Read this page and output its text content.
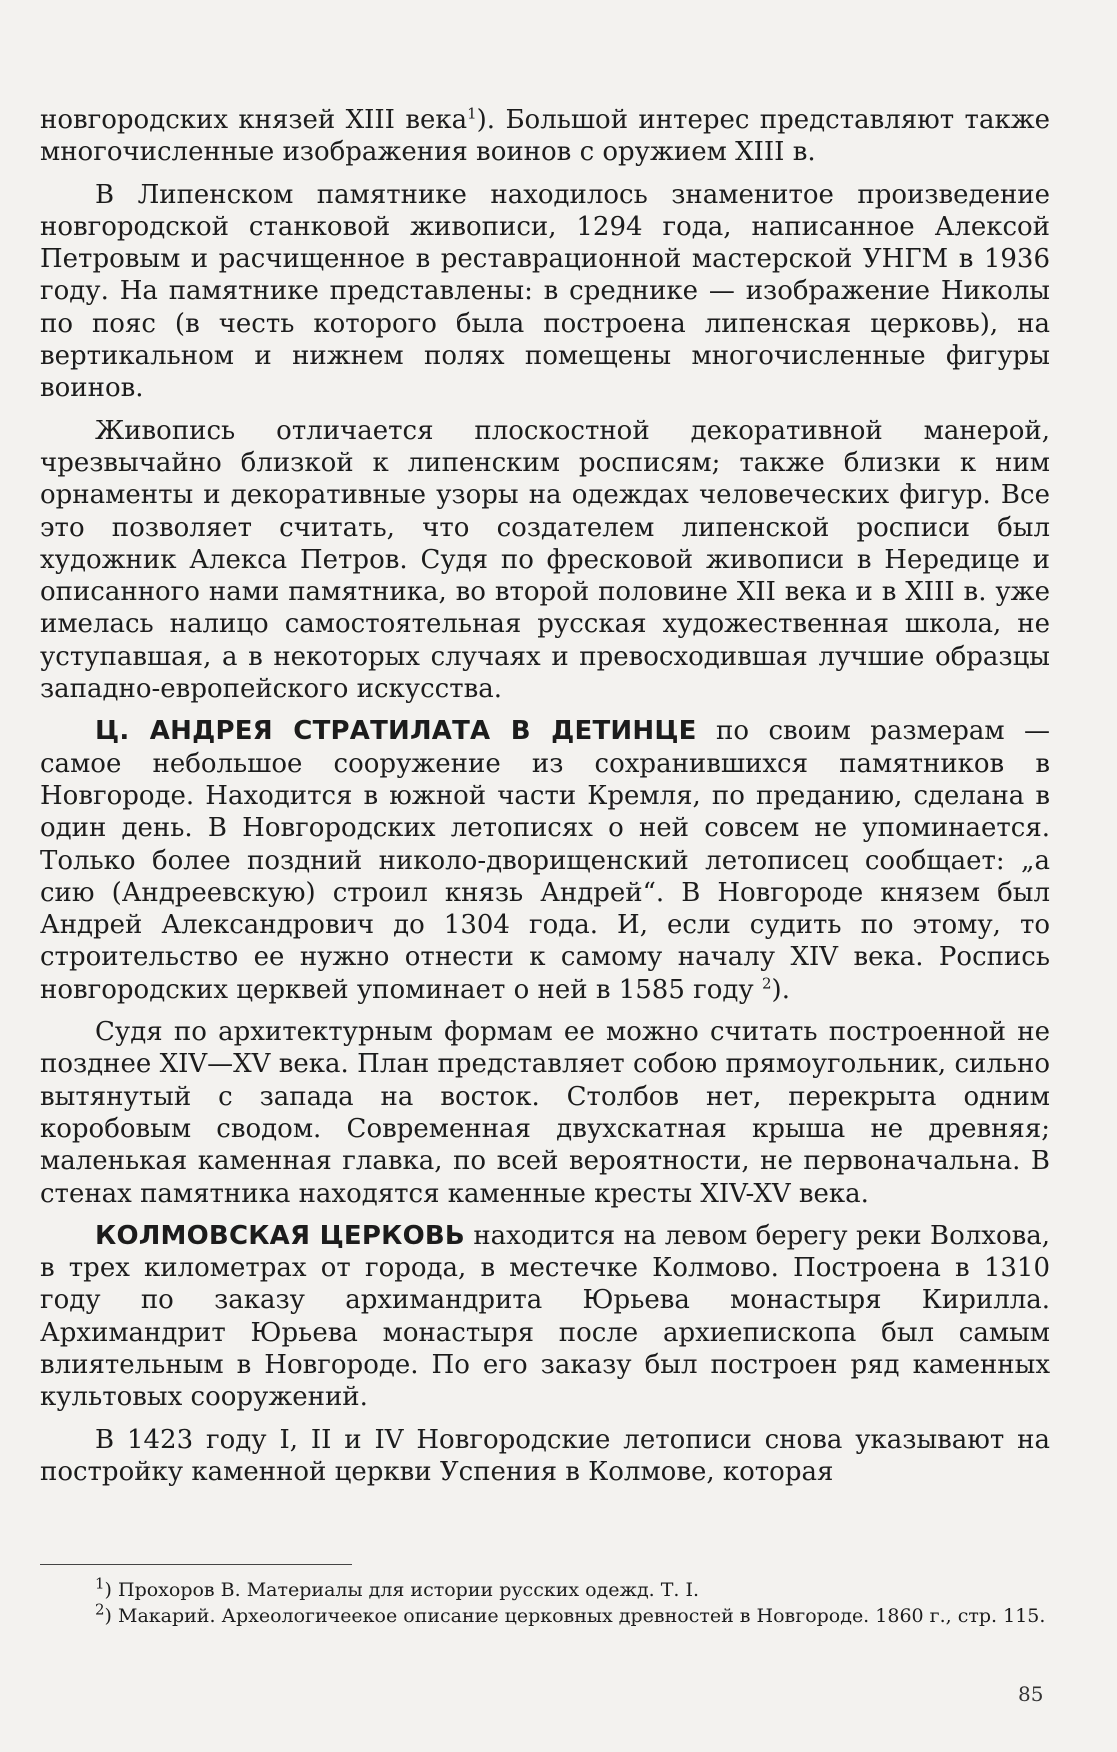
новгородских князей XIII века$^1$). Большой интерес представляют также многочисленные изображения воинов с оружием XIII в.

В Липенском памятнике находилось знаменитое произведение новгородской станковой живописи, 1294 года, написанное Алексой Петровым и расчищенное в реставрационной мастерской УНГМ в 1936 году. На памятнике представлены: в среднике — изображение Николы по пояс (в честь которого была построена липенская церковь), на вертикальном и нижнем полях помещены многочисленные фигуры воинов.

Живопись отличается плоскостной декоративной манерой, чрезвычайно близкой к липенским росписям; также близки к ним орнаменты и декоративные узоры на одеждах человеческих фигур. Все это позволяет считать, что создателем липенской росписи был художник Алекса Петров. Судя по фресковой живописи в Нередице и описанного нами памятника, во второй половине XII века и в XIII в. уже имелась налицо самостоятельная русская художественная школа, не уступавшая, а в некоторых случаях и превосходившая лучшие образцы западно-европейского искусства.

Ц. АНДРЕЯ СТРАТИЛАТА В ДЕТИНЦЕ по своим размерам — самое небольшое сооружение из сохранившихся памятников в Новгороде. Находится в южной части Кремля, по преданию, сделана в один день. В Новгородских летописях о ней совсем не упоминается. Только более поздний николо-дворищенский летописец сообщает: „а сию (Андреевскую) строил князь Андрей“. В Новгороде князем был Андрей Александрович до 1304 года. И, если судить по этому, то строительство ее нужно отнести к самому началу XIV века. Роспись новгородских церквей упоминает о ней в 1585 году $^2$).

Судя по архитектурным формам ее можно считать построенной не позднее XIV—XV века. План представляет собою прямоугольник, сильно вытянутый с запада на восток. Столбов нет, перекрыта одним коробовым сводом. Современная двухскатная крыша не древняя; маленькая каменная главка, по всей вероятности, не первоначальна. В стенах памятника находятся каменные кресты XIV-XV века.

КОЛМОВСКАЯ ЦЕРКОВЬ находится на левом берегу реки Волхова, в трех километрах от города, в местечке Колмово. Построена в 1310 году по заказу архимандрита Юрьева монастыря Кирилла. Архимандрит Юрьева монастыря после архиепископа был самым влиятельным в Новгороде. По его заказу был построен ряд каменных культовых сооружений.

В 1423 году I, II и IV Новгородские летописи снова указывают на постройку каменной церкви Успения в Колмове, которая

$^1$) Прохоров В. Материалы для истории русских одежд. Т. I.

$^2$) Макарий. Археологичеекое описание церковных древностей в Новгороде. 1860 г., стр. 115.

85
